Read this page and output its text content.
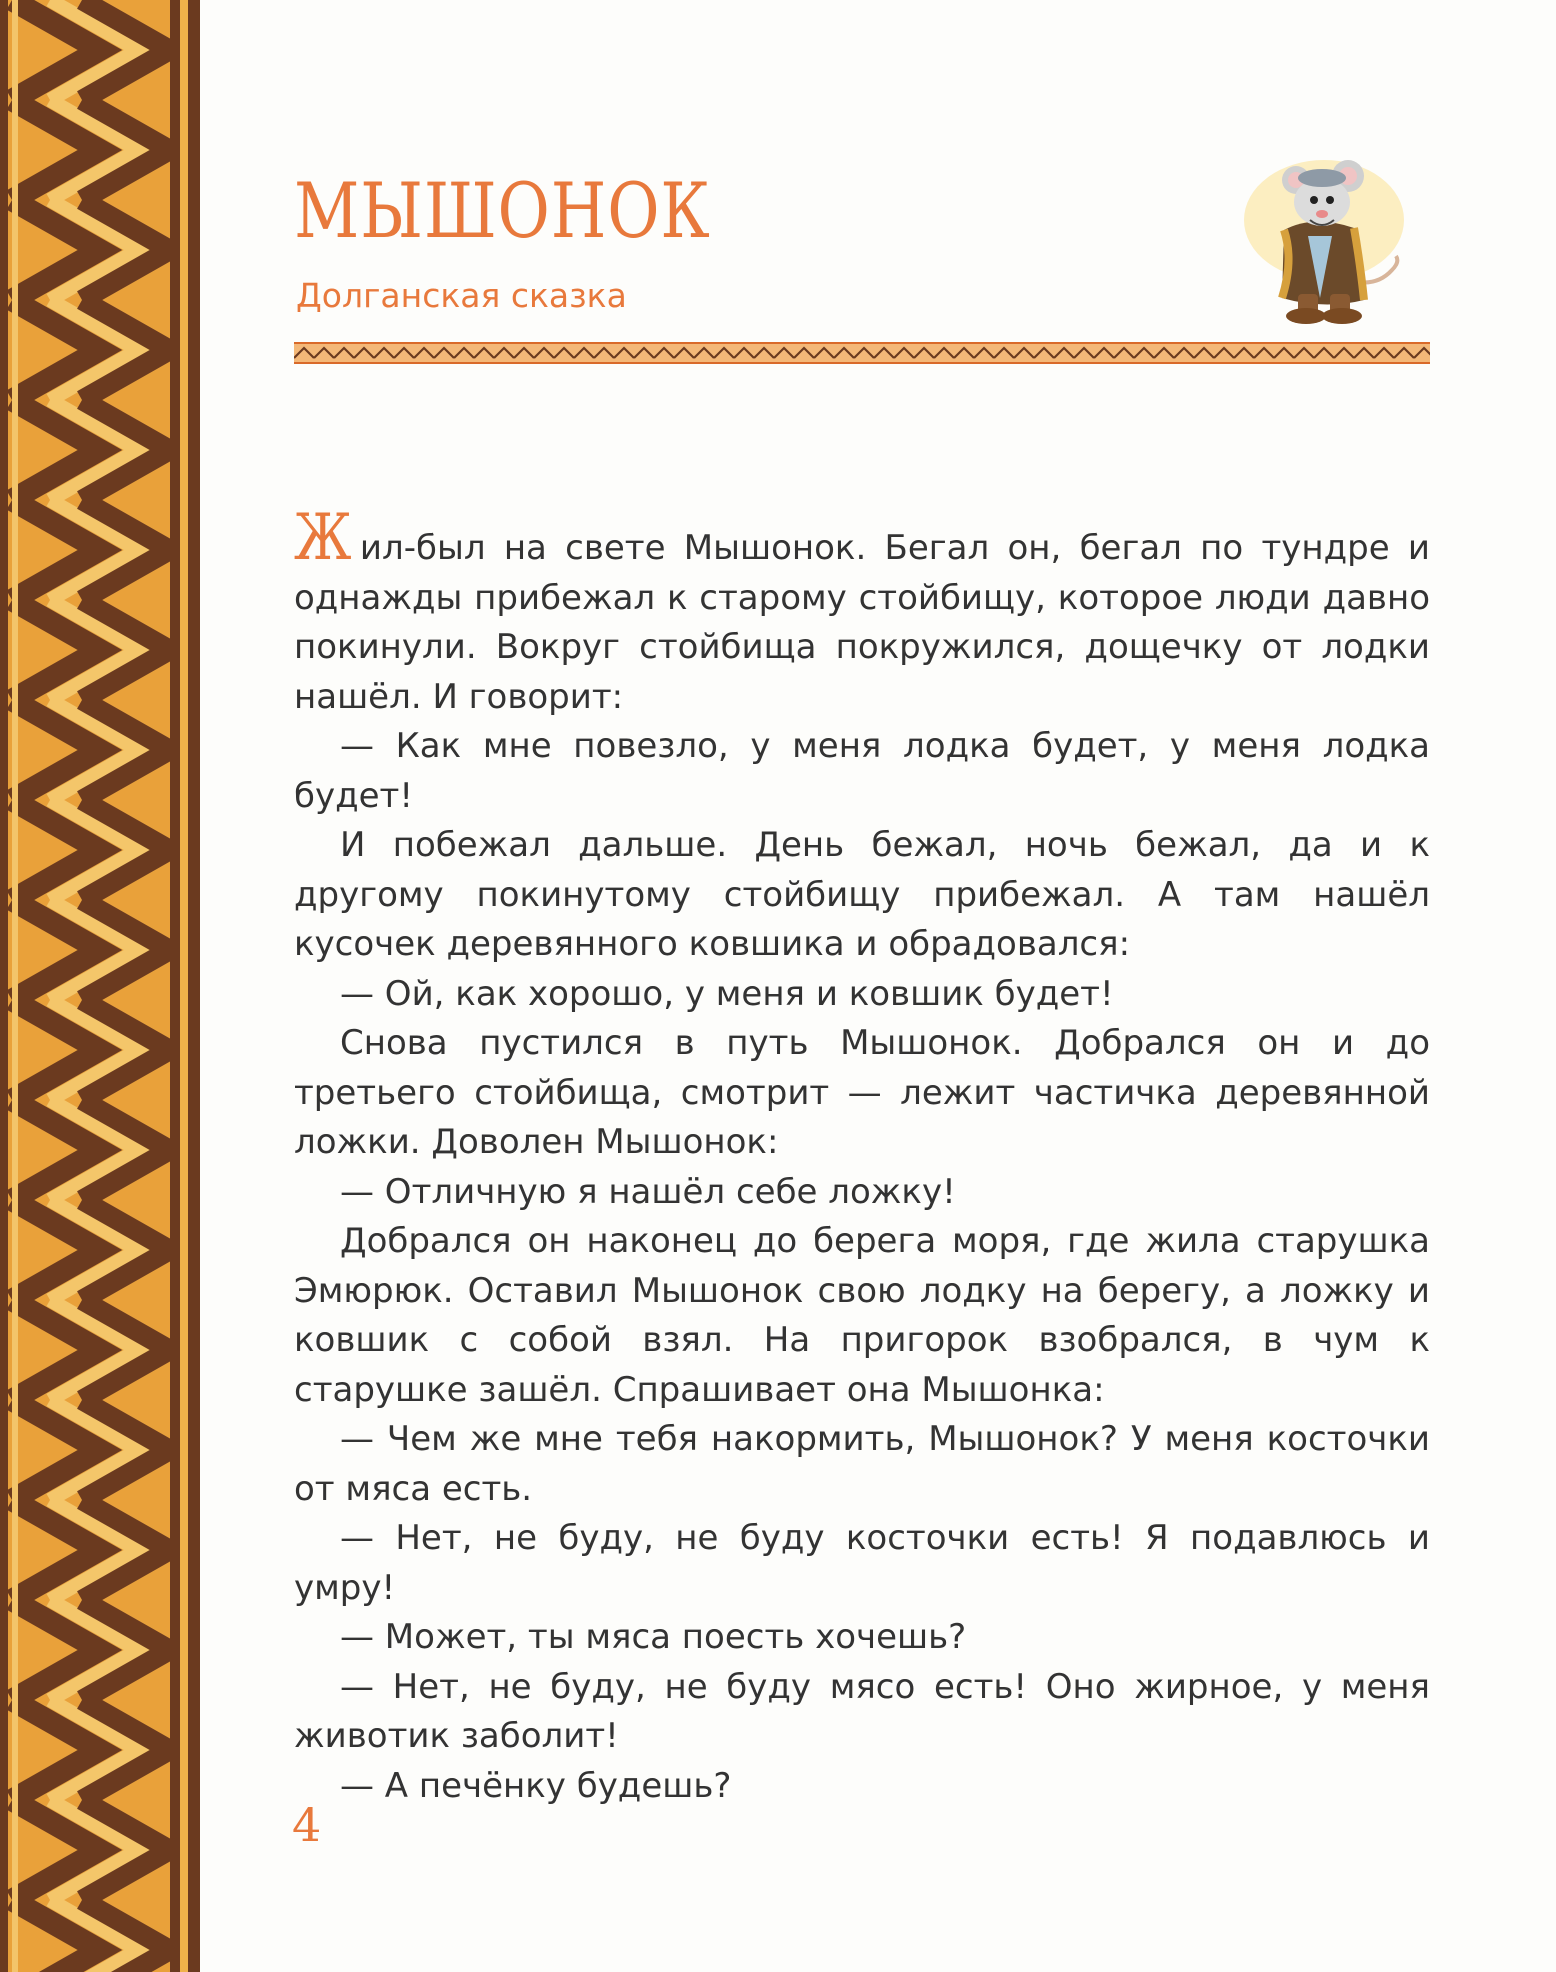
МЫШОНОК
Долганская сказка

Жил-был на свете Мышонок. Бегал он, бегал по тундре и однажды прибежал к старому стойбищу, которое люди давно покинули. Вокруг стойбища покружился, дощечку от лодки нашёл. И говорит:

— Как мне повезло, у меня лодка будет, у меня лодка будет!

И побежал дальше. День бежал, ночь бежал, да и к другому покинутому стойбищу прибежал. А там нашёл кусочек деревянного ковшика и обрадовался:

— Ой, как хорошо, у меня и ковшик будет!

Снова пустился в путь Мышонок. Добрался он и до третьего стойбища, смотрит — лежит частичка деревянной ложки. Доволен Мышонок:

— Отличную я нашёл себе ложку!

Добрался он наконец до берега моря, где жила старушка Эмюрюк. Оставил Мышонок свою лодку на берегу, а ложку и ковшик с собой взял. На пригорок взобрался, в чум к старушке зашёл. Спрашивает она Мышонка:

— Чем же мне тебя накормить, Мышонок? У меня косточки от мяса есть.

— Нет, не буду, не буду косточки есть! Я подавлюсь и умру!

— Может, ты мяса поесть хочешь?

— Нет, не буду, не буду мясо есть! Оно жирное, у меня животик заболит!

— А печёнку будешь?

4
